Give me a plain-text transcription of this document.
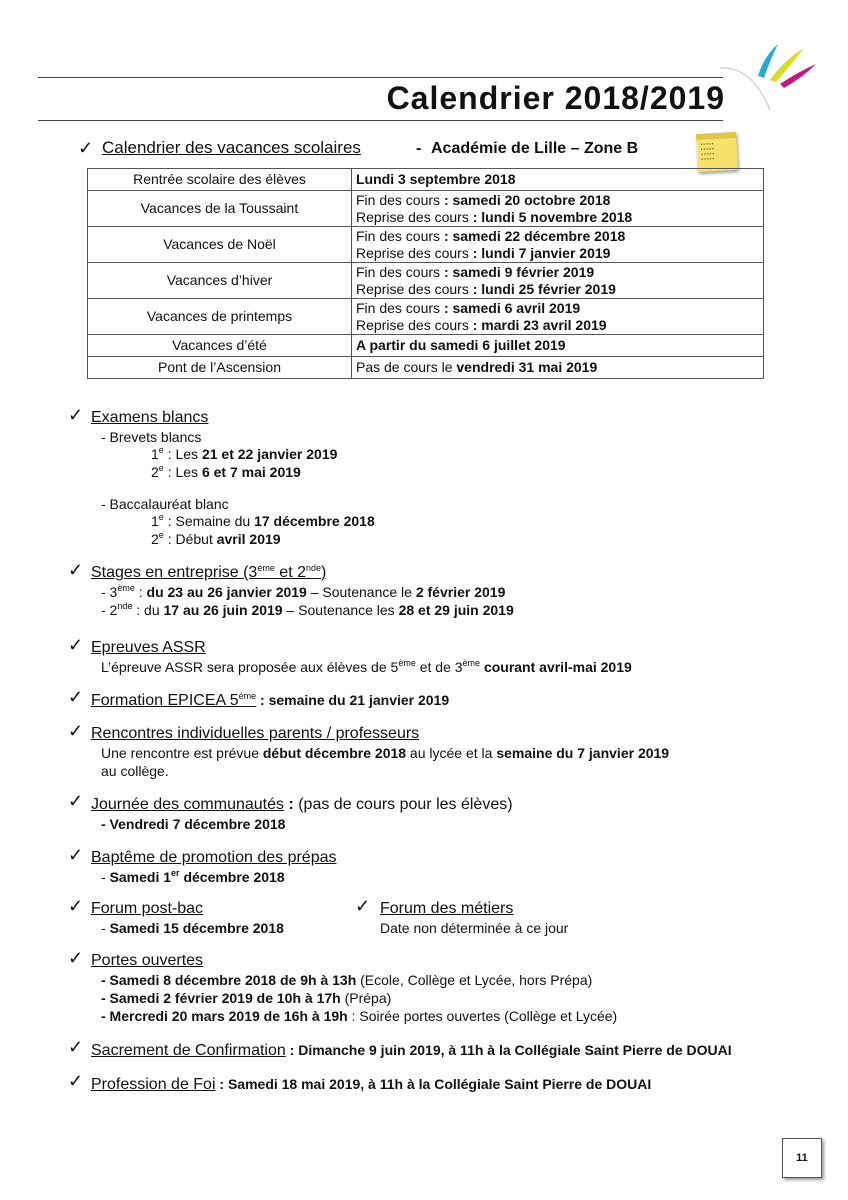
Calendrier 2018/2019
▪▪▪▪▪
▪▪▪▪▪
▪▪▪▪▪
▪▪▪▪▪
✓ Calendrier des vacances scolaires	- Académie de Lille – Zone B
Rentrée scolaire des élèves	Lundi 3 septembre 2018

Vacances de la Toussaint	Fin des cours : samedi 20 octobre 2018
Reprise des cours : lundi 5 novembre 2018

Vacances de Noël	Fin des cours : samedi 22 décembre 2018
Reprise des cours : lundi 7 janvier 2019

Vacances d’hiver	Fin des cours : samedi 9 février 2019
Reprise des cours : lundi 25 février 2019

Vacances de printemps	Fin des cours : samedi 6 avril 2019
Reprise des cours : mardi 23 avril 2019

Vacances d’été	A partir du samedi 6 juillet 2019

Pont de l’Ascension	Pas de cours le vendredi 31 mai 2019
✓ Examens blancs
- Brevets blancs
1e : Les 21 et 22 janvier 2019
2e : Les 6 et 7 mai 2019
- Baccalauréat blanc
1e : Semaine du 17 décembre 2018
2e : Début avril 2019
✓ Stages en entreprise (3ème et 2nde)
- 3ème : du 23 au 26 janvier 2019 – Soutenance le 2 février 2019
- 2nde : du 17 au 26 juin 2019 – Soutenance les 28 et 29 juin 2019
✓ Epreuves ASSR
L’épreuve ASSR sera proposée aux élèves de 5ème et de 3ème courant avril-mai 2019
✓ Formation EPICEA 5ème : semaine du 21 janvier 2019
✓ Rencontres individuelles parents / professeurs
Une rencontre est prévue début décembre 2018 au lycée et la semaine du 7 janvier 2019
au collège.
✓ Journée des communautés : (pas de cours pour les élèves)
- Vendredi 7 décembre 2018
✓ Baptême de promotion des prépas
- Samedi 1er décembre 2018
✓ Forum post-bac
- Samedi 15 décembre 2018
✓ Forum des métiers
Date non déterminée à ce jour
✓ Portes ouvertes
- Samedi 8 décembre 2018 de 9h à 13h (Ecole, Collège et Lycée, hors Prépa)
- Samedi 2 février 2019 de 10h à 17h (Prépa)
- Mercredi 20 mars 2019 de 16h à 19h : Soirée portes ouvertes (Collège et Lycée)
✓ Sacrement de Confirmation : Dimanche 9 juin 2019, à 11h à la Collégiale Saint Pierre de DOUAI
✓ Profession de Foi : Samedi 18 mai 2019, à 11h à la Collégiale Saint Pierre de DOUAI
11
